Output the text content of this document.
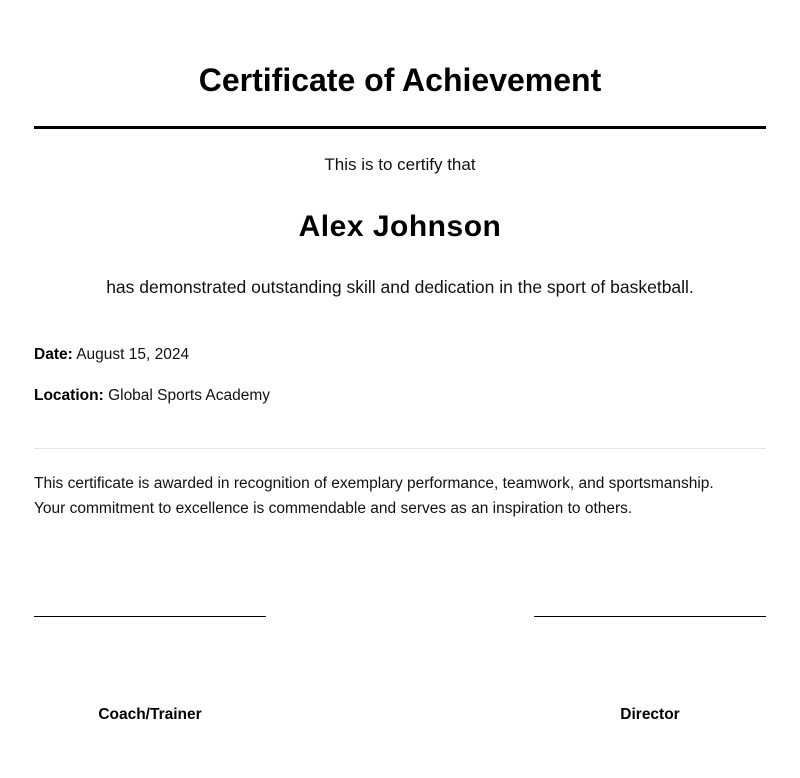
Certificate of Achievement
This is to certify that
Alex Johnson
has demonstrated outstanding skill and dedication in the sport of basketball.
Date: August 15, 2024
Location: Global Sports Academy
This certificate is awarded in recognition of exemplary performance, teamwork, and sportsmanship.
Your commitment to excellence is commendable and serves as an inspiration to others.
Coach/Trainer	Director
